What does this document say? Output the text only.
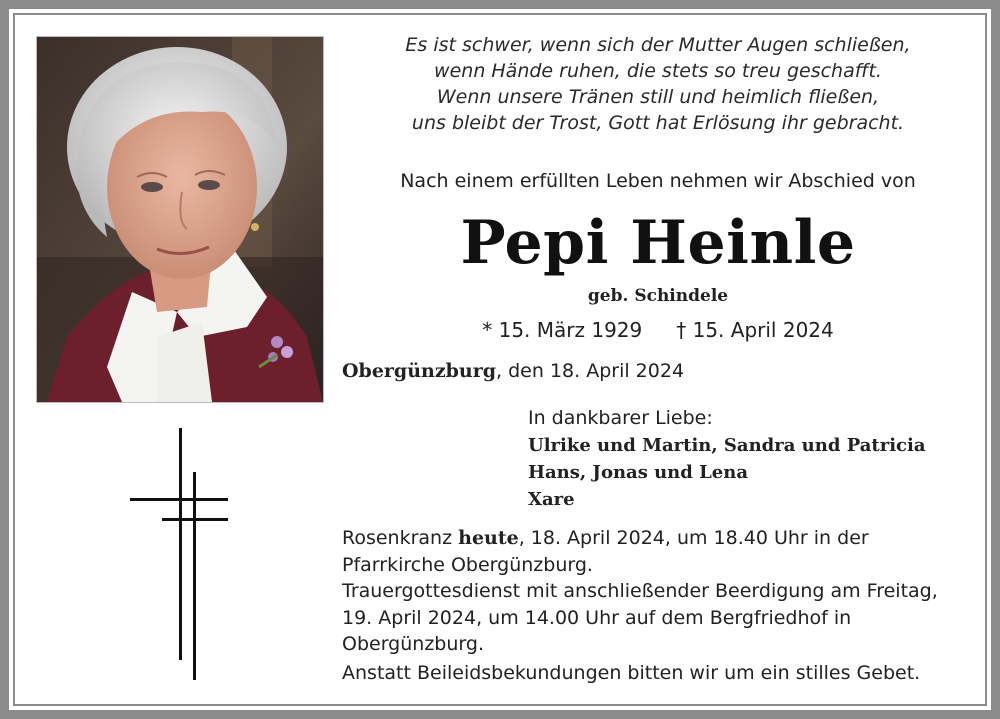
Es ist schwer, wenn sich der Mutter Augen schließen,
wenn Hände ruhen, die stets so treu geschafft.
Wenn unsere Tränen still und heimlich fließen,
uns bleibt der Trost, Gott hat Erlösung ihr gebracht.
Nach einem erfüllten Leben nehmen wir Abschied von
Pepi Heinle
geb. Schindele
* 15. März 1929 † 15. April 2024
Obergünzburg, den 18. April 2024
In dankbarer Liebe:
Ulrike und Martin, Sandra und Patricia
Hans, Jonas und Lena
Xare
Rosenkranz heute, 18. April 2024, um 18.40 Uhr in der Pfarrkirche Obergünzburg.
Trauergottesdienst mit anschließender Beerdigung am Freitag, 19. April 2024, um 14.00 Uhr auf dem Bergfriedhof in Obergünzburg.
Anstatt Beileidsbekundungen bitten wir um ein stilles Gebet.
